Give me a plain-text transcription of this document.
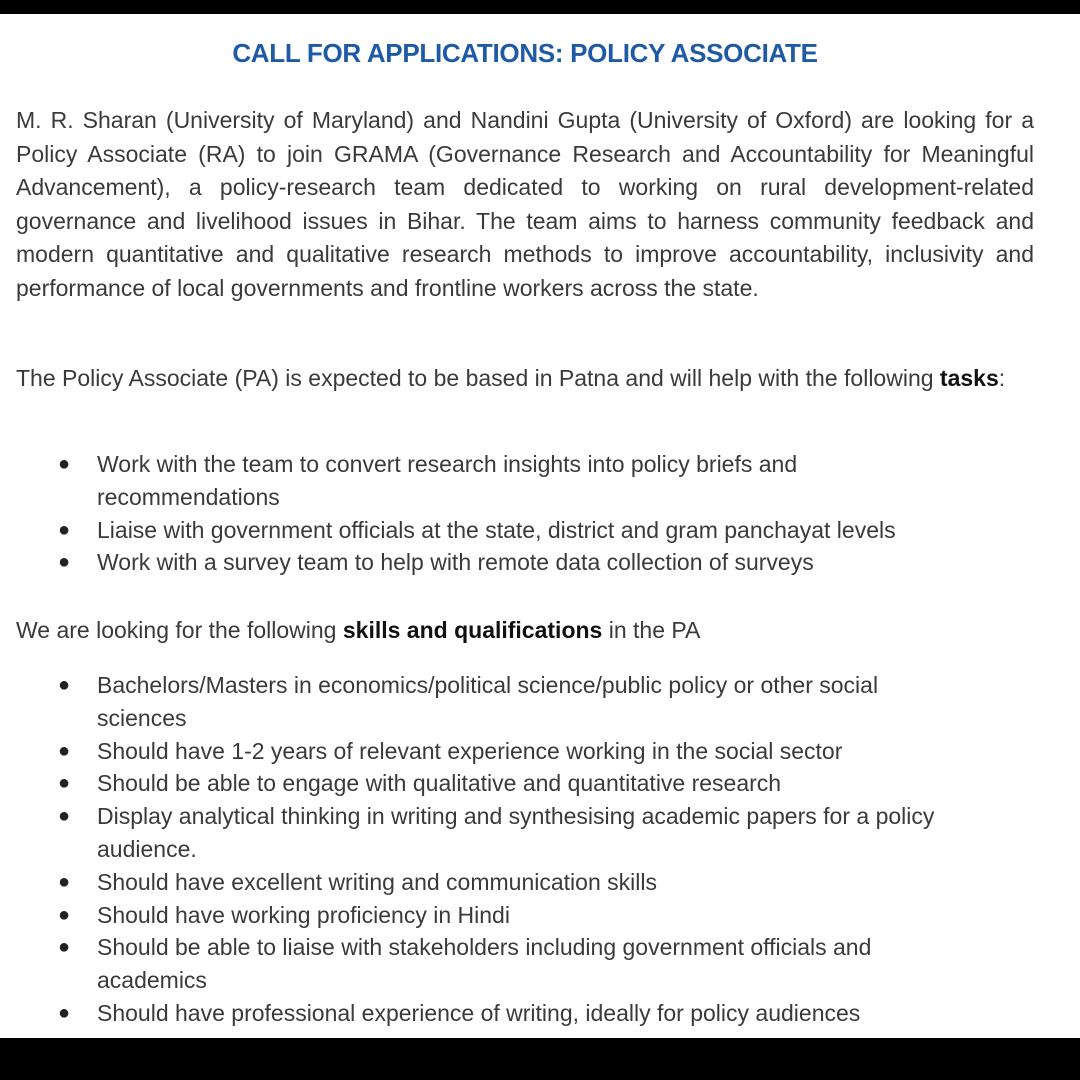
CALL FOR APPLICATIONS: POLICY ASSOCIATE

M. R. Sharan (University of Maryland) and Nandini Gupta (University of Oxford) are looking for a Policy Associate (RA) to join GRAMA (Governance Research and Accountability for Meaningful Advancement), a policy-research team dedicated to working on rural development-related governance and livelihood issues in Bihar. The team aims to harness community feedback and modern quantitative and qualitative research methods to improve accountability, inclusivity and performance of local governments and frontline workers across the state.

The Policy Associate (PA) is expected to be based in Patna and will help with the following tasks:

● Work with the team to convert research insights into policy briefs and recommendations
● Liaise with government officials at the state, district and gram panchayat levels
● Work with a survey team to help with remote data collection of surveys

We are looking for the following skills and qualifications in the PA

● Bachelors/Masters in economics/political science/public policy or other social sciences
● Should have 1-2 years of relevant experience working in the social sector
● Should be able to engage with qualitative and quantitative research
● Display analytical thinking in writing and synthesising academic papers for a policy audience.
● Should have excellent writing and communication skills
● Should have working proficiency in Hindi
● Should be able to liaise with stakeholders including government officials and academics
● Should have professional experience of writing, ideally for policy audiences
